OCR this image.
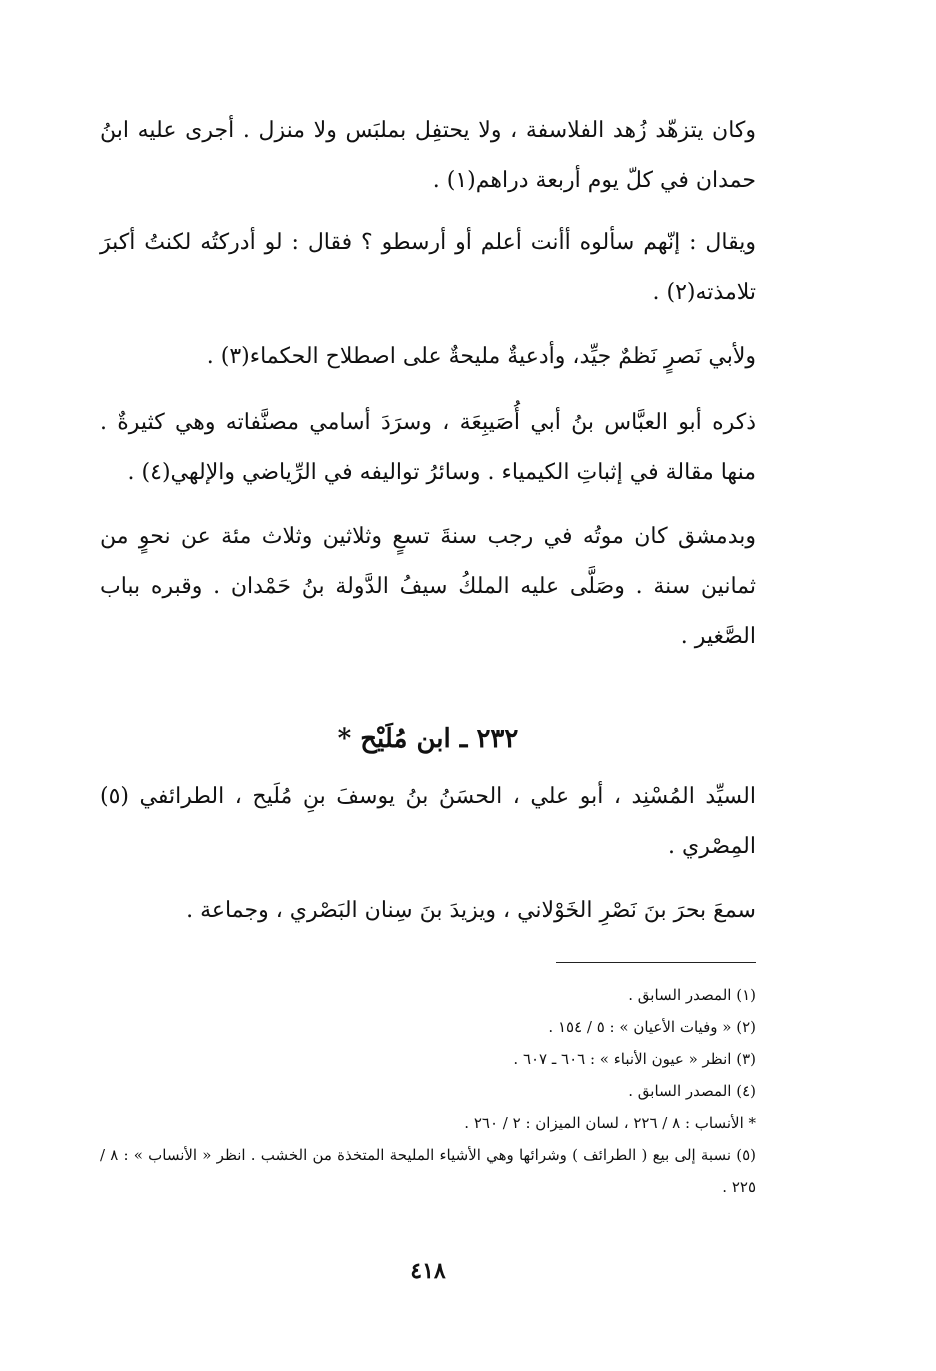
وكان يتزهّد زُهد الفلاسفة ، ولا يحتفِل بملبَس ولا منزل . أجرى عليه ابنُ حمدان في كلّ يوم أربعة دراهم(١) .

ويقال : إنّهم سألوه أأنت أعلم أو أرسطو ؟ فقال : لو أدركتُه لكنتُ أكبرَ تلامذته(٢) .

ولأبي نَصرٍ نَظمٌ جيِّد، وأدعيةٌ مليحةٌ على اصطلاح الحكماء(٣) .

ذكره أبو العبَّاس بنُ أبي أُصَيبِعَة ، وسرَدَ أسامي مصنَّفاته وهي كثيرةٌ . منها مقالة في إثباتِ الكيمياء . وسائرُ تواليفه في الرِّياضي والإلهي(٤) .

وبدمشق كان موتُه في رجب سنةَ تسعٍ وثلاثين وثلاث مئة عن نحوٍ من ثمانين سنة . وصَلَّى عليه الملكُ سيفُ الدَّولة بنُ حَمْدان . وقبره بباب الصَّغير .

٢٣٢ ـ ابن مُلَيْح *

السيِّد المُسْنِد ، أبو علي ، الحسَنُ بنُ يوسفَ بنِ مُلَيح ، الطرائفي (٥) المِصْري .

سمعَ بحرَ بنَ نَصْرِ الخَوْلاني ، ويزيدَ بنَ سِنان البَصْري ، وجماعة .

(١) المصدر السابق .
(٢) « وفيات الأعيان » : ٥ / ١٥٤ .
(٣) انظر « عيون الأنباء » : ٦٠٦ ـ ٦٠٧ .
(٤) المصدر السابق .
* الأنساب : ٨ / ٢٢٦ ، لسان الميزان : ٢ / ٢٦٠ .
(٥) نسبة إلى بيع ( الطرائف ) وشرائها وهي الأشياء المليحة المتخذة من الخشب . انظر « الأنساب » : ٨ / ٢٢٥ .
٤١٨
